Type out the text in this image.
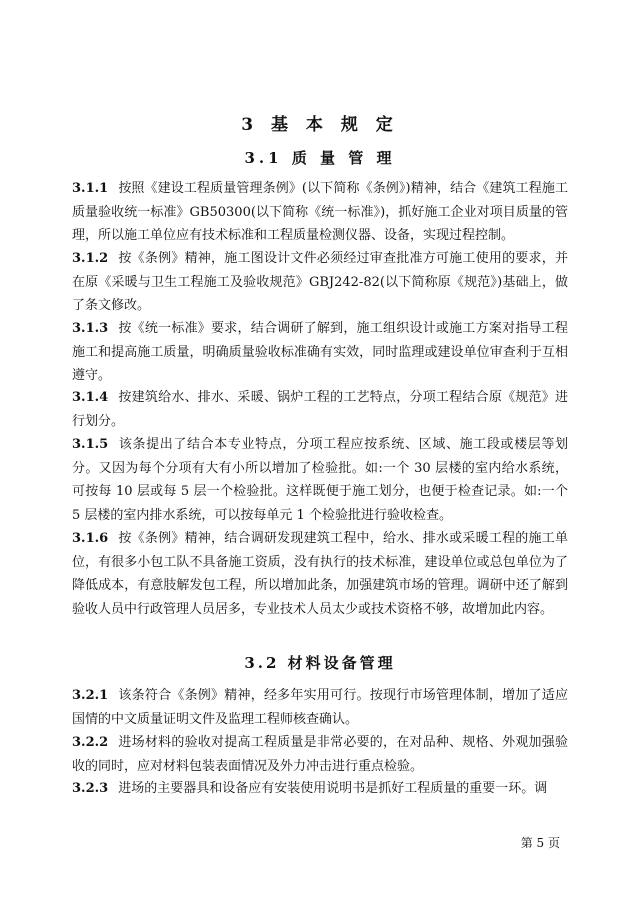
3 基 本 规 定
3.1 质 量 管 理

3.1.1 按照《建设工程质量管理条例》(以下简称《条例》)精神，结合《建筑工程施工质量验收统一标准》GB50300(以下简称《统一标准》)，抓好施工企业对项目质量的管理，所以施工单位应有技术标准和工程质量检测仪器、设备，实现过程控制。

3.1.2 按《条例》精神，施工图设计文件必须经过审查批准方可施工使用的要求，并在原《采暖与卫生工程施工及验收规范》GBJ242-82(以下简称原《规范》)基础上，做了条文修改。

3.1.3 按《统一标准》要求，结合调研了解到，施工组织设计或施工方案对指导工程施工和提高施工质量，明确质量验收标准确有实效，同时监理或建设单位审查利于互相遵守。

3.1.4 按建筑给水、排水、采暖、锅炉工程的工艺特点，分项工程结合原《规范》进行划分。

3.1.5 该条提出了结合本专业特点，分项工程应按系统、区域、施工段或楼层等划分。又因为每个分项有大有小所以增加了检验批。如:一个 30 层楼的室内给水系统，可按每 10 层或每 5 层一个检验批。这样既便于施工划分，也便于检查记录。如:一个 5 层楼的室内排水系统，可以按每单元 1 个检验批进行验收检查。

3.1.6 按《条例》精神，结合调研发现建筑工程中，给水、排水或采暖工程的施工单位，有很多小包工队不具备施工资质，没有执行的技术标准，建设单位或总包单位为了降低成本，有意肢解发包工程，所以增加此条，加强建筑市场的管理。调研中还了解到验收人员中行政管理人员居多，专业技术人员太少或技术资格不够，故增加此内容。

3.2 材料设备管理

3.2.1 该条符合《条例》精神，经多年实用可行。按现行市场管理体制，增加了适应国情的中文质量证明文件及监理工程师核查确认。

3.2.2 进场材料的验收对提高工程质量是非常必要的，在对品种、规格、外观加强验收的同时，应对材料包装表面情况及外力冲击进行重点检验。

3.2.3 进场的主要器具和设备应有安装使用说明书是抓好工程质量的重要一环。调

第 5 页
